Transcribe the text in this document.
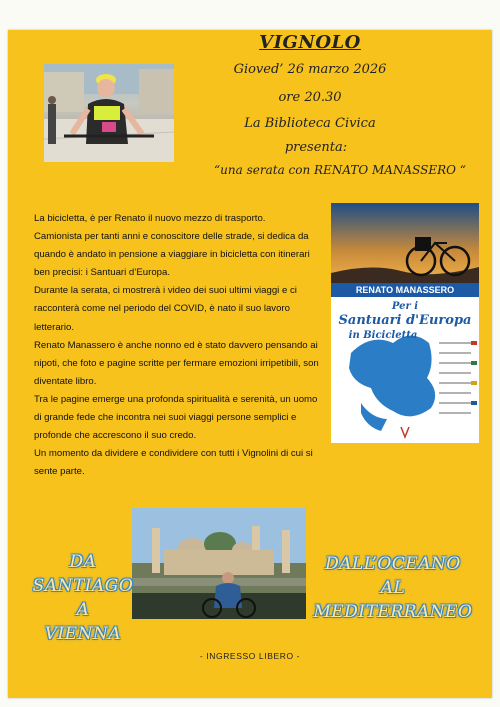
VIGNOLO
Gioved’ 26 marzo 2026
ore 20.30
La Biblioteca Civica
presenta:
“una serata con RENATO MANASSERO “
RENATO MANASSERO
Per i
Santuari d'Europa
in Bicicletta

La bicicletta, è per Renato il nuovo mezzo di trasporto.

Camionista per tanti anni e conoscitore delle strade, si dedica da quando è andato in pensione a viaggiare in bicicletta con itinerari ben precisi: i Santuari d’Europa.

Durante la serata, ci mostrerà i video dei suoi ultimi viaggi e ci racconterà come nel periodo del COVID, è nato il suo lavoro letterario.

Renato Manassero è anche nonno ed è stato davvero pensando ai nipoti, che foto e pagine scritte per fermare emozioni irripetibili, son diventate libro.

Tra le pagine emerge una profonda spiritualità e serenità, un uomo di grande fede che incontra nei suoi viaggi persone semplici e profonde che accrescono il suo credo.

Un momento da dividere e condividere con tutti i Vignolini di cui si sente parte.

DA
SANTIAGO
A
VIENNA
DALL’OCEANO
AL
MEDITERRANEO
- INGRESSO LIBERO -
